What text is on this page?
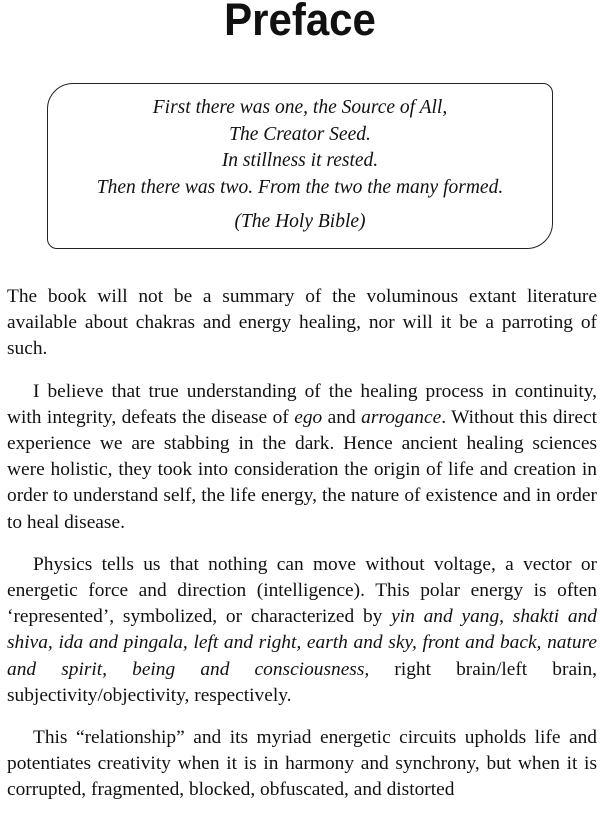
Preface
First there was one, the Source of All,
The Creator Seed.
In stillness it rested.
Then there was two. From the two the many formed.
(The Holy Bible)

The book will not be a summary of the voluminous extant literature available about chakras and energy healing, nor will it be a parroting of such.

I believe that true understanding of the healing process in continuity, with integrity, defeats the disease of ego and arrogance. Without this direct experience we are stabbing in the dark. Hence ancient healing sciences were holistic, they took into consideration the origin of life and creation in order to understand self, the life energy, the nature of existence and in order to heal disease.

Physics tells us that nothing can move without voltage, a vector or energetic force and direction (intelligence). This polar energy is often ‘represented’, symbolized, or characterized by yin and yang, shakti and shiva, ida and pingala, left and right, earth and sky, front and back, nature and spirit, being and consciousness, right brain/left brain, subjectivity/objectivity, respectively.

This “relationship” and its myriad energetic circuits upholds life and potentiates creativity when it is in harmony and synchrony, but when it is corrupted, fragmented, blocked, obfuscated, and distorted
